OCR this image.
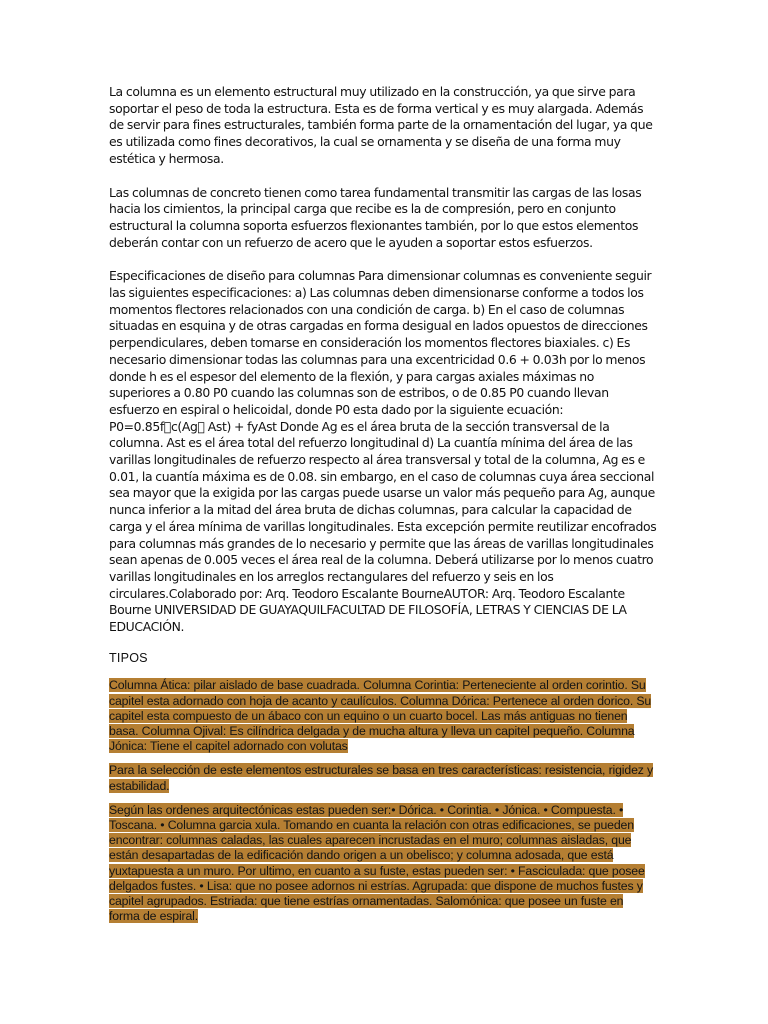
La columna es un elemento estructural muy utilizado en la construcción, ya que sirve para soportar el peso de toda la estructura. Esta es de forma vertical y es muy alargada. Además de servir para fines estructurales, también forma parte de la ornamentación del lugar, ya que es utilizada como fines decorativos, la cual se ornamenta y se diseña de una forma muy estética y hermosa.

Las columnas de concreto tienen como tarea fundamental transmitir las cargas de las losas hacia los cimientos, la principal carga que recibe es la de compresión, pero en conjunto estructural la columna soporta esfuerzos flexionantes también, por lo que estos elementos deberán contar con un refuerzo de acero que le ayuden a soportar estos esfuerzos.

Especificaciones de diseño para columnas Para dimensionar columnas es conveniente seguir las siguientes especificaciones: a) Las columnas deben dimensionarse conforme a todos los momentos flectores relacionados con una condición de carga. b) En el caso de columnas situadas en esquina y de otras cargadas en forma desigual en lados opuestos de direcciones perpendiculares, deben tomarse en consideración los momentos flectores biaxiales. c) Es necesario dimensionar todas las columnas para una excentricidad 0.6 + 0.03h por lo menos donde h es el espesor del elemento de la flexión, y para cargas axiales máximas no superiores a 0.80 P0 cuando las columnas son de estribos, o de 0.85 P0 cuando llevan esfuerzo en espiral o helicoidal, donde P0 esta dado por la siguiente ecuación: P0=0.85f c(Ag  Ast) + fyAst Donde Ag es el área bruta de la sección transversal de la columna. Ast es el área total del refuerzo longitudinal d) La cuantía mínima del área de las varillas longitudinales de refuerzo respecto al área transversal y total de la columna, Ag es e 0.01, la cuantía máxima es de 0.08. sin embargo, en el caso de columnas cuya área seccional sea mayor que la exigida por las cargas puede usarse un valor más pequeño para Ag, aunque nunca inferior a la mitad del área bruta de dichas columnas, para calcular la capacidad de carga y el área mínima de varillas longitudinales. Esta excepción permite reutilizar encofrados para columnas más grandes de lo necesario y permite que las áreas de varillas longitudinales sean apenas de 0.005 veces el área real de la columna. Deberá utilizarse por lo menos cuatro varillas longitudinales en los arreglos rectangulares del refuerzo y seis en los circulares.Colaborado por: Arq. Teodoro Escalante BourneAUTOR: Arq. Teodoro Escalante Bourne UNIVERSIDAD DE GUAYAQUILFACULTAD DE FILOSOFÍA, LETRAS Y CIENCIAS DE LA EDUCACIÓN.

TIPOS

Columna Ática: pilar aislado de base cuadrada. Columna Corintia: Perteneciente al orden corintio. Su capitel esta adornado con hoja de acanto y caulículos. Columna Dórica: Pertenece al orden dorico. Su capitel esta compuesto de un ábaco con un equino o un cuarto bocel. Las más antiguas no tienen basa. Columna Ojival: Es cilíndrica delgada y de mucha altura y lleva un capitel pequeño. Columna Jónica: Tiene el capitel adornado con volutas

Para la selección de este elementos estructurales se basa en tres características: resistencia, rigidez y estabilidad.

Según las ordenes arquitectónicas estas pueden ser:• Dórica. • Corintia. • Jónica. • Compuesta. • Toscana. • Columna garcia xula. Tomando en cuanta la relación con otras edificaciones, se pueden encontrar: columnas caladas, las cuales aparecen incrustadas en el muro; columnas aisladas, que están desapartadas de la edificación dando origen a un obelisco; y columna adosada, que está yuxtapuesta a un muro. Por ultimo, en cuanto a su fuste, estas pueden ser: • Fasciculada: que posee delgados fustes. • Lisa: que no posee adornos ni estrías. Agrupada: que dispone de muchos fustes y capitel agrupados. Estriada: que tiene estrías ornamentadas. Salomónica: que posee un fuste en forma de espiral.
